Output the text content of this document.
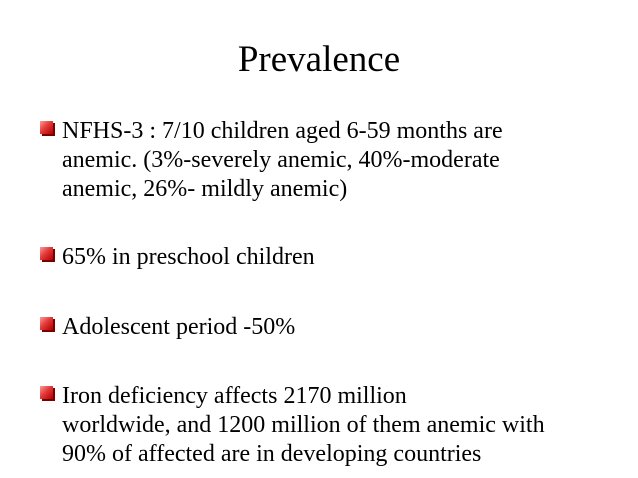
Prevalence
NFHS-3 : 7/10 children aged 6-59 months are
anemic. (3%-severely anemic, 40%-moderate
anemic, 26%- mildly anemic)
65% in preschool children
Adolescent period -50%
Iron deficiency affects 2170 million
worldwide, and 1200 million of them anemic with
90% of affected are in developing countries
